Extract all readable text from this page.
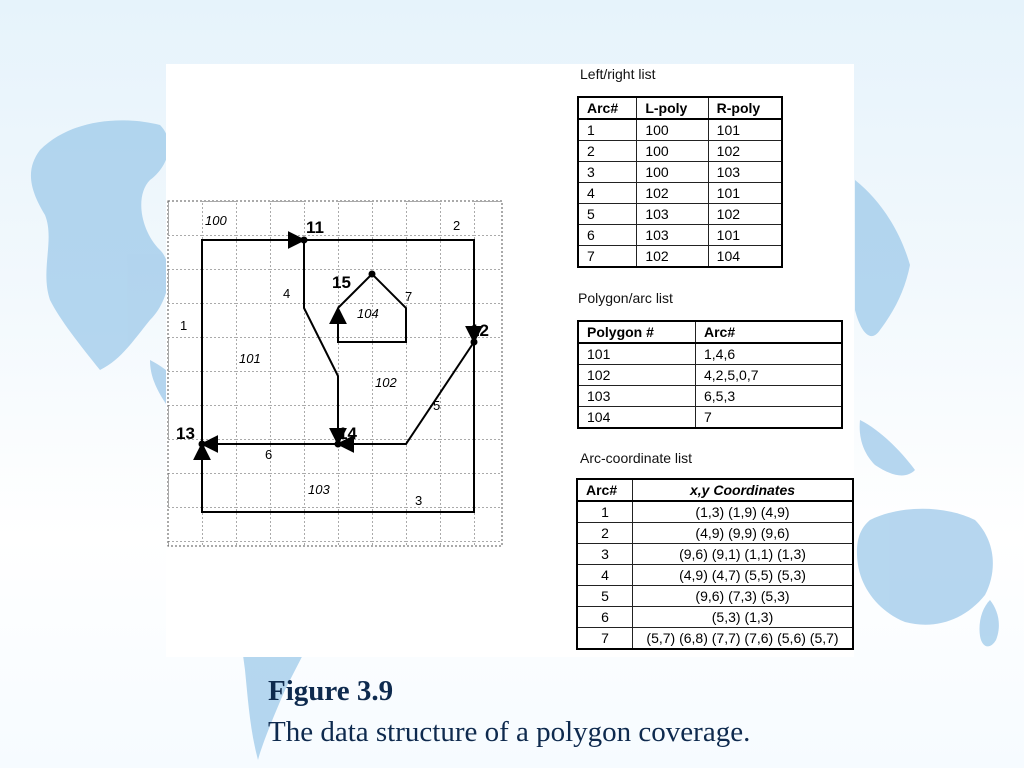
11
12
13	14
15
1
2
3
4
5
6
7
100
101
102
103
104
Left/right list
Arc#	L-poly	R-poly
1	100	101
2	100	102
3	100	103
4	102	101
5	103	102
6	103	101
7	102	104
Polygon/arc list
Polygon #	Arc#
101	1,4,6
102	4,2,5,0,7
103	6,5,3
104	7
Arc-coordinate list
Arc#	x,y Coordinates
1	(1,3) (1,9) (4,9)
2	(4,9) (9,9) (9,6)
3	(9,6) (9,1) (1,1) (1,3)
4	(4,9) (4,7) (5,5) (5,3)
5	(9,6) (7,3) (5,3)
6	(5,3) (1,3)
7	(5,7) (6,8) (7,7) (7,6) (5,6) (5,7)
Figure 3.9
The data structure of a polygon coverage.
